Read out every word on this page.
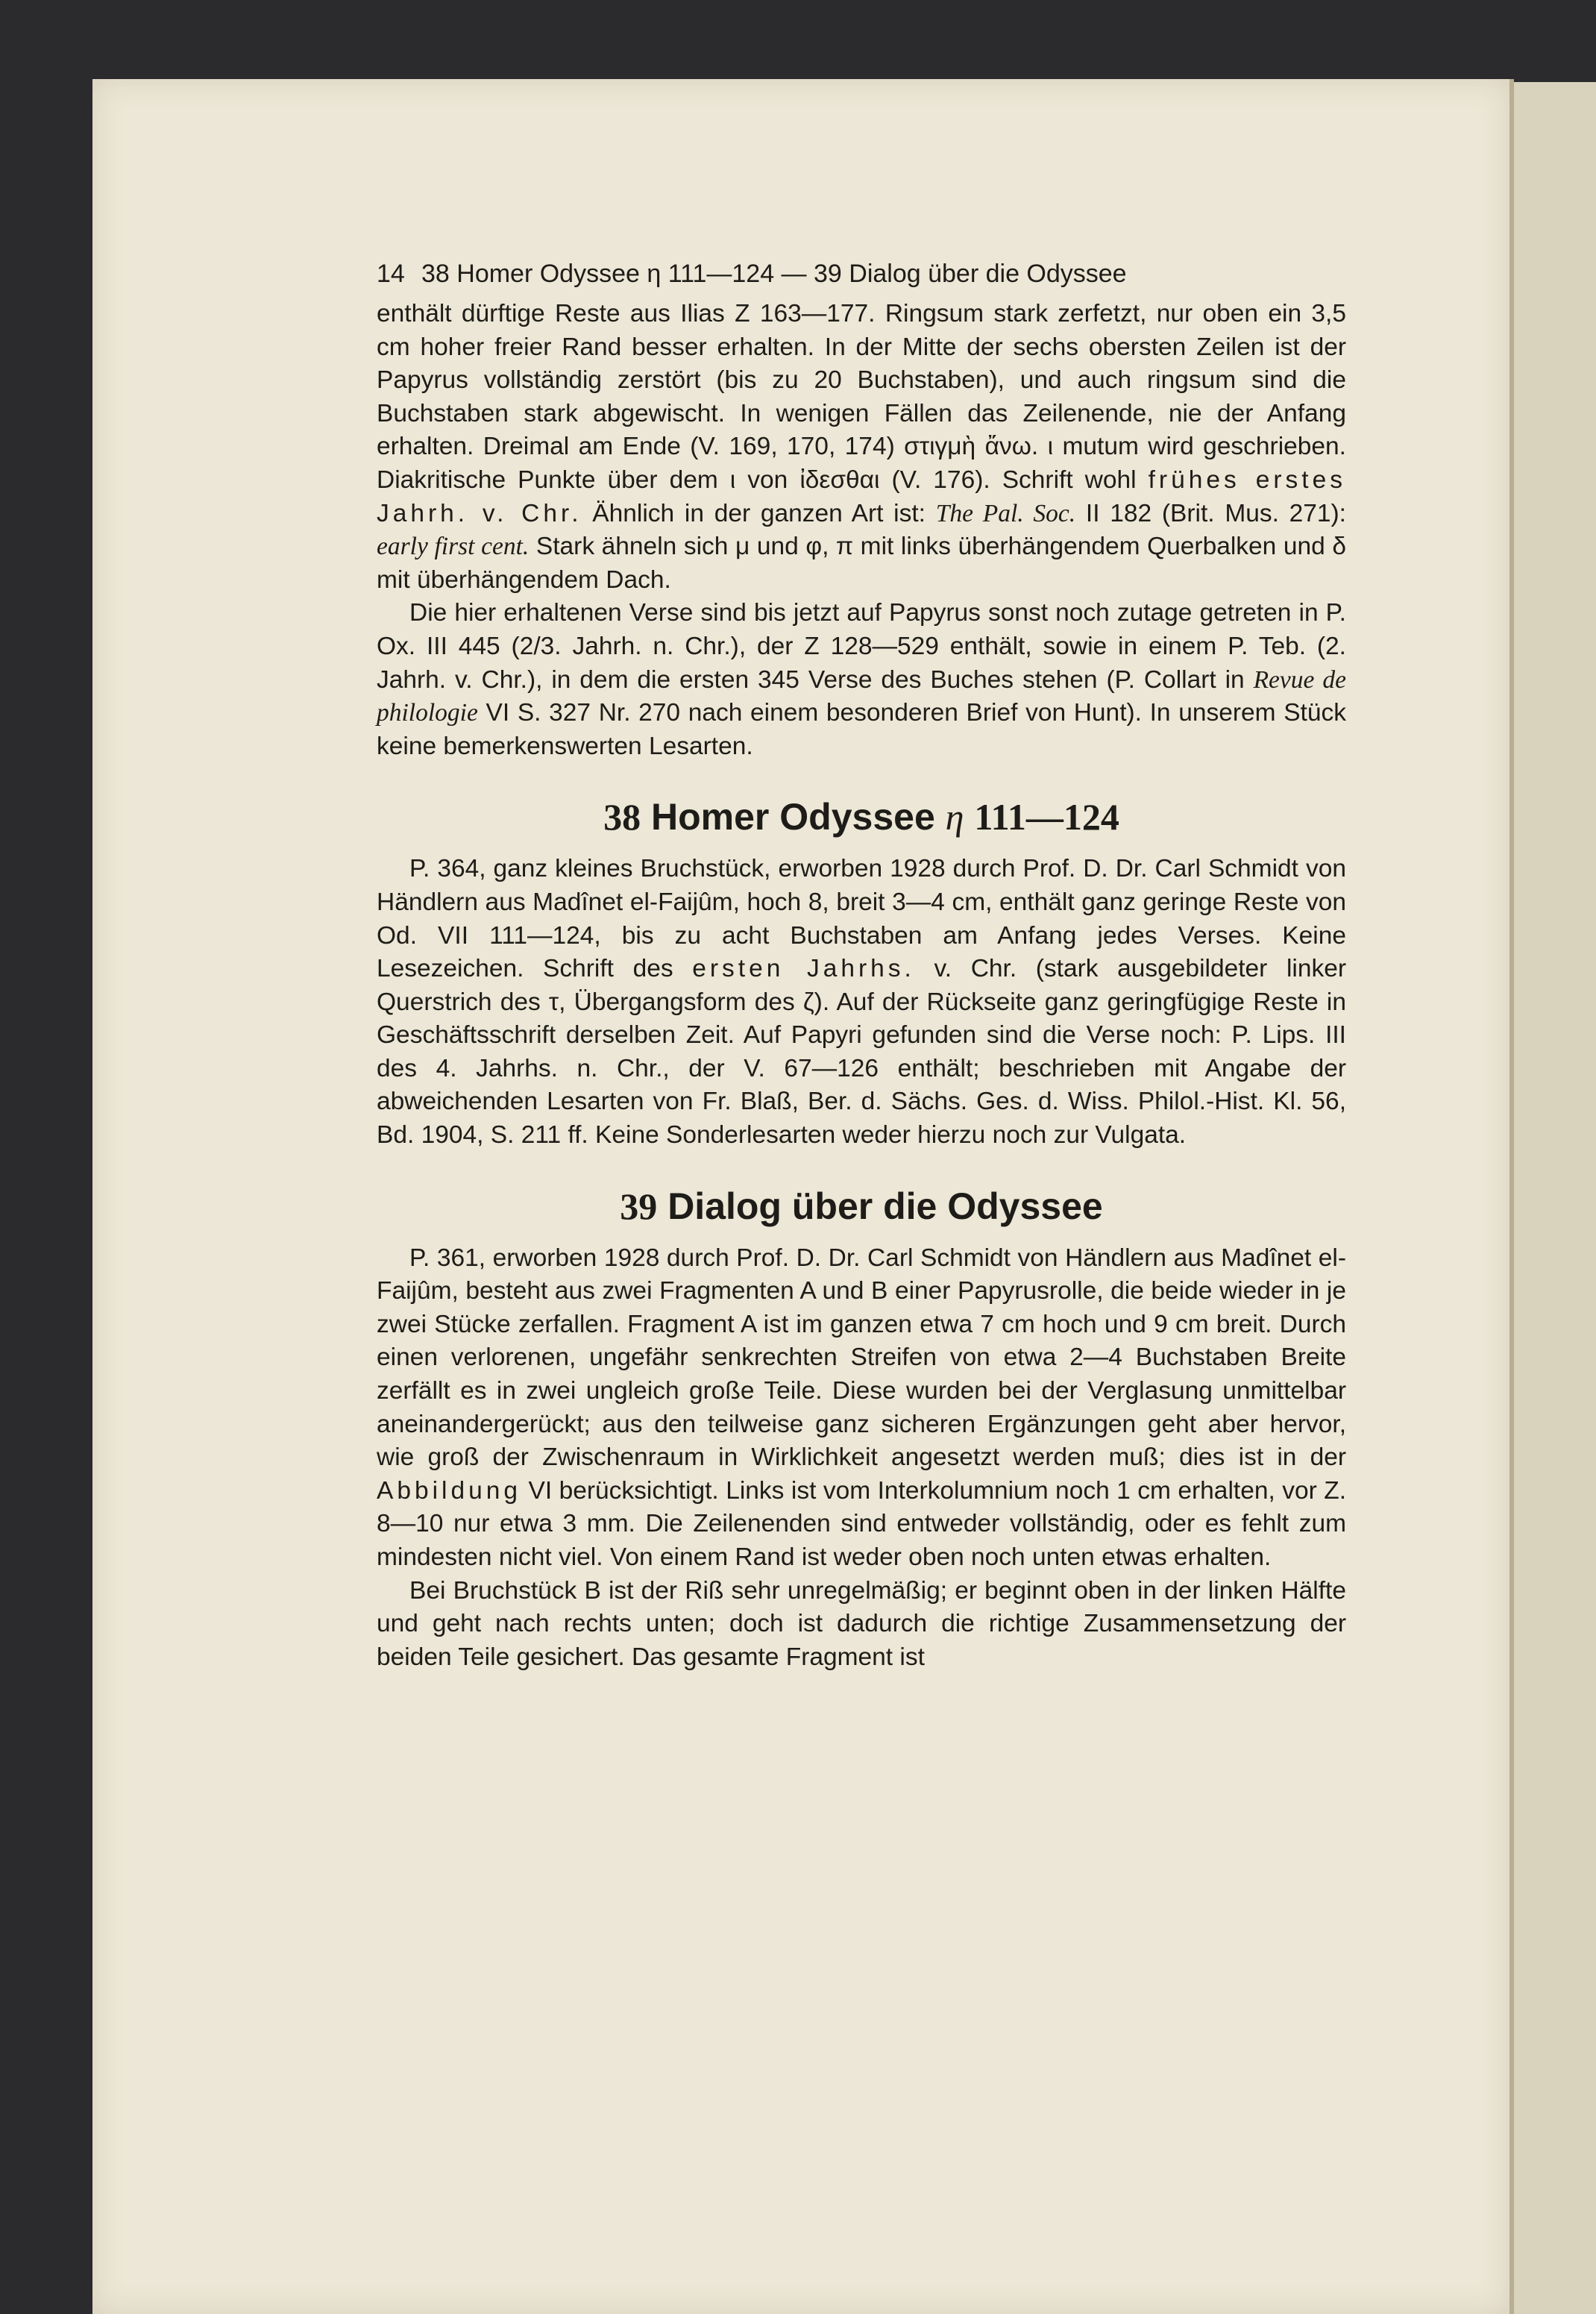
14 38 Homer Odyssee η 111—124 — 39 Dialog über die Odyssee

enthält dürftige Reste aus Ilias Z 163—177. Ringsum stark zerfetzt, nur oben ein 3,5 cm hoher freier Rand besser erhalten. In der Mitte der sechs obersten Zeilen ist der Papyrus vollständig zerstört (bis zu 20 Buchstaben), und auch ringsum sind die Buchstaben stark abgewischt. In wenigen Fällen das Zeilenende, nie der Anfang erhalten. Dreimal am Ende (V. 169, 170, 174) στιγμὴ ἄνω. ι mutum wird geschrieben. Diakritische Punkte über dem ι von ἰδεσθαι (V. 176). Schrift wohl frühes erstes Jahrh. v. Chr. Ähnlich in der ganzen Art ist: The Pal. Soc. II 182 (Brit. Mus. 271): early first cent. Stark ähneln sich μ und φ, π mit links überhängendem Querbalken und δ mit überhängendem Dach.

Die hier erhaltenen Verse sind bis jetzt auf Papyrus sonst noch zutage getreten in P. Ox. III 445 (2/3. Jahrh. n. Chr.), der Z 128—529 enthält, sowie in einem P. Teb. (2. Jahrh. v. Chr.), in dem die ersten 345 Verse des Buches stehen (P. Collart in Revue de philologie VI S. 327 Nr. 270 nach einem besonderen Brief von Hunt). In unserem Stück keine bemerkenswerten Lesarten.

38 Homer Odyssee η 111—124

P. 364, ganz kleines Bruchstück, erworben 1928 durch Prof. D. Dr. Carl Schmidt von Händlern aus Madînet el-Faijûm, hoch 8, breit 3—4 cm, enthält ganz geringe Reste von Od. VII 111—124, bis zu acht Buchstaben am Anfang jedes Verses. Keine Lesezeichen. Schrift des ersten Jahrhs. v. Chr. (stark ausgebildeter linker Querstrich des τ, Übergangsform des ζ). Auf der Rückseite ganz geringfügige Reste in Geschäftsschrift derselben Zeit. Auf Papyri gefunden sind die Verse noch: P. Lips. III des 4. Jahrhs. n. Chr., der V. 67—126 enthält; beschrieben mit Angabe der abweichenden Lesarten von Fr. Blaß, Ber. d. Sächs. Ges. d. Wiss. Philol.-Hist. Kl. 56, Bd. 1904, S. 211 ff. Keine Sonderlesarten weder hierzu noch zur Vulgata.

39 Dialog über die Odyssee

P. 361, erworben 1928 durch Prof. D. Dr. Carl Schmidt von Händlern aus Madînet el-Faijûm, besteht aus zwei Fragmenten A und B einer Papyrusrolle, die beide wieder in je zwei Stücke zerfallen. Fragment A ist im ganzen etwa 7 cm hoch und 9 cm breit. Durch einen verlorenen, ungefähr senkrechten Streifen von etwa 2—4 Buchstaben Breite zerfällt es in zwei ungleich große Teile. Diese wurden bei der Verglasung unmittelbar aneinandergerückt; aus den teilweise ganz sicheren Ergänzungen geht aber hervor, wie groß der Zwischenraum in Wirklichkeit angesetzt werden muß; dies ist in der Abbildung VI berücksichtigt. Links ist vom Interkolumnium noch 1 cm erhalten, vor Z. 8—10 nur etwa 3 mm. Die Zeilenenden sind entweder vollständig, oder es fehlt zum mindesten nicht viel. Von einem Rand ist weder oben noch unten etwas erhalten.

Bei Bruchstück B ist der Riß sehr unregelmäßig; er beginnt oben in der linken Hälfte und geht nach rechts unten; doch ist dadurch die richtige Zusammensetzung der beiden Teile gesichert. Das gesamte Fragment ist
